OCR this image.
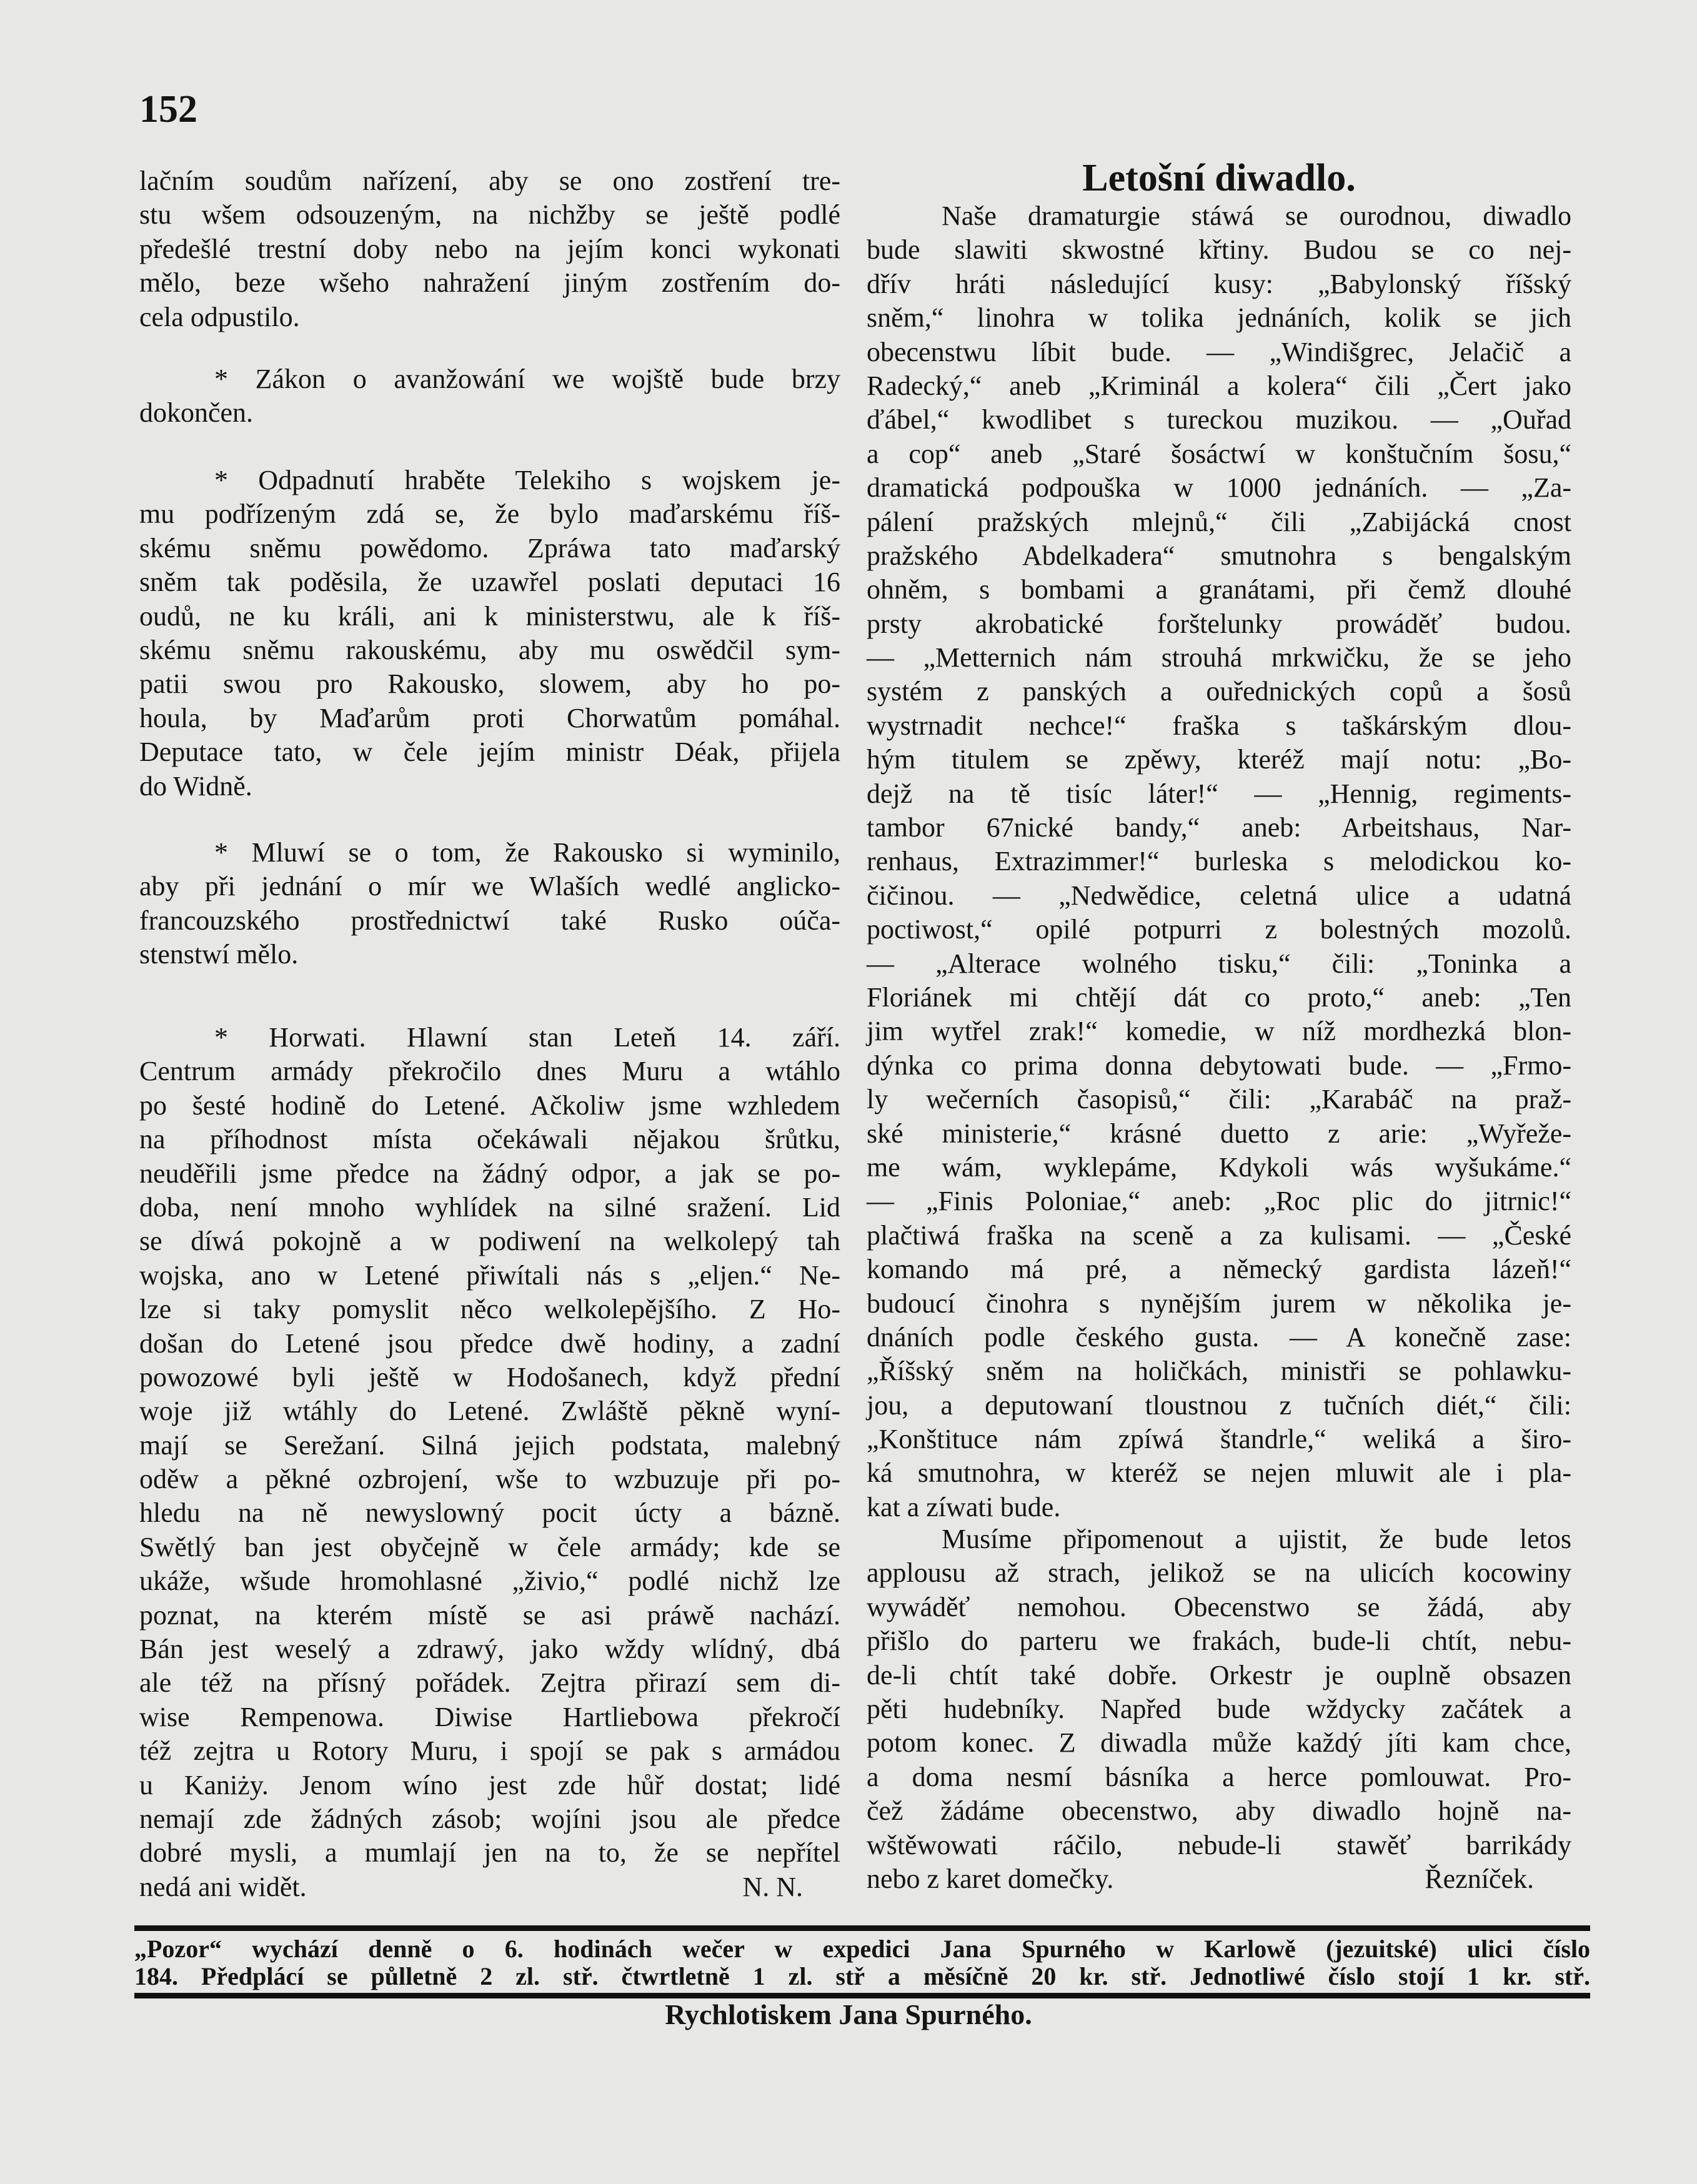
152
lačním soudům nařízení, aby se ono zostření tre-
stu wšem odsouzeným, na nichžby se ještě podlé
předešlé trestní doby nebo na jejím konci wykonati
mělo, beze wšeho nahražení jiným zostřením do-
cela odpustilo.
* Zákon o avanžowání we wojště bude brzy
dokončen.
* Odpadnutí hraběte Telekiho s wojskem je-
mu podřízeným zdá se, že bylo maďarskému říš-
skému sněmu powědomo. Zpráwa tato maďarský
sněm tak poděsila, že uzawřel poslati deputaci 16
oudů, ne ku králi, ani k ministerstwu, ale k říš-
skému sněmu rakouskému, aby mu oswědčil sym-
patii swou pro Rakousko, slowem, aby ho po-
houla, by Maďarům proti Chorwatům pomáhal.
Deputace tato, w čele jejím ministr Déak, přijela
do Widně.
* Mluwí se o tom, že Rakousko si wyminilo,
aby při jednání o mír we Wlaších wedlé anglicko-
francouzského prostřednictwí také Rusko oúča-
stenstwí mělo.
* Horwati. Hlawní stan Leteň 14. září.
Centrum armády překročilo dnes Muru a wtáhlo
po šesté hodině do Letené. Ačkoliw jsme wzhledem
na příhodnost místa očekáwali nějakou šrůtku,
neuděřili jsme předce na žádný odpor, a jak se po-
doba, není mnoho wyhlídek na silné sražení. Lid
se díwá pokojně a w podiwení na welkolepý tah
wojska, ano w Letené přiwítali nás s „eljen.“ Ne-
lze si taky pomyslit něco welkolepějšího. Z Ho-
došan do Letené jsou předce dwě hodiny, a zadní
powozowé byli ještě w Hodošanech, když přední
woje již wtáhly do Letené. Zwláště pěkně wyní-
mají se Serežaní. Silná jejich podstata, malebný
oděw a pěkné ozbrojení, wše to wzbuzuje při po-
hledu na ně newyslowný pocit úcty a bázně.
Swětlý ban jest obyčejně w čele armády; kde se
ukáže, wšude hromohlasné „živio,“ podlé nichž lze
poznat, na kterém místě se asi práwě nachází.
Bán jest weselý a zdrawý, jako wždy wlídný, dbá
ale též na přísný pořádek. Zejtra přirazí sem di-
wise Rempenowa. Diwise Hartliebowa překročí
též zejtra u Rotory Muru, i spojí se pak s armádou
u Kaniży. Jenom wíno jest zde hůř dostat; lidé
nemají zde žádných zásob; wojíni jsou ale předce
dobré mysli, a mumlají jen na to, že se nepřítel
nedá ani widět.	N. N.
Letošní diwadlo.
Naše dramaturgie stáwá se ourodnou, diwadlo
bude slawiti skwostné křtiny. Budou se co nej-
dřív hráti následující kusy: „Babylonský říšský
sněm,“ linohra w tolika jednáních, kolik se jich
obecenstwu líbit bude. — „Windišgrec, Jelačič a
Radecký,“ aneb „Kriminál a kolera“ čili „Čert jako
ďábel,“ kwodlibet s tureckou muzikou. — „Ouřad
a cop“ aneb „Staré šosáctwí w konštučním šosu,“
dramatická podpouška w 1000 jednáních. — „Za-
pálení pražských mlejnů,“ čili „Zabijácká cnost
pražského Abdelkadera“ smutnohra s bengalským
ohněm, s bombami a granátami, při čemž dlouhé
prsty akrobatické forštelunky prowáděť budou.
— „Metternich nám strouhá mrkwičku, že se jeho
systém z panských a ouřednických copů a šosů
wystrnadit nechce!“ fraška s taškárským dlou-
hým titulem se zpěwy, kteréž mají notu: „Bo-
dejž na tě tisíc láter!“ — „Hennig, regiments-
tambor 67nické bandy,“ aneb: Arbeitshaus, Nar-
renhaus, Extrazimmer!“ burleska s melodickou ko-
čičinou. — „Nedwědice, celetná ulice a udatná
poctiwost,“ opilé potpurri z bolestných mozolů.
— „Alterace wolného tisku,“ čili: „Toninka a
Floriánek mi chtějí dát co proto,“ aneb: „Ten
jim wytřel zrak!“ komedie, w níž mordhezká blon-
dýnka co prima donna debytowati bude. — „Frmo-
ly wečerních časopisů,“ čili: „Karabáč na praž-
ské ministerie,“ krásné duetto z arie: „Wyřeže-
me wám, wyklepáme, Kdykoli wás wyšukáme.“
— „Finis Poloniae,“ aneb: „Roc plic do jitrnic!“
plačtiwá fraška na sceně a za kulisami. — „České
komando má pré, a německý gardista lázeň!“
budoucí činohra s nynějším jurem w několika je-
dnáních podle českého gusta. — A konečně zase:
„Říšský sněm na holičkách, ministři se pohlawku-
jou, a deputowaní tloustnou z tučních diét,“ čili:
„Konštituce nám zpíwá štandrle,“ weliká a širo-
ká smutnohra, w kteréž se nejen mluwit ale i pla-
kat a zíwati bude.
Musíme připomenout a ujistit, že bude letos
applousu až strach, jelikož se na ulicích kocowiny
wywáděť nemohou. Obecenstwo se žádá, aby
přišlo do parteru we frakách, bude-li chtít, nebu-
de-li chtít také dobře. Orkestr je ouplně obsazen
pěti hudebníky. Napřed bude wždycky začátek a
potom konec. Z diwadla může každý jíti kam chce,
a doma nesmí básníka a herce pomlouwat. Pro-
čež žádáme obecenstwo, aby diwadlo hojně na-
wštěwowati ráčilo, nebude-li stawěť barrikády
nebo z karet domečky.	Řezníček.
„Pozor“ wychází denně o 6. hodinách wečer w expedici Jana Spurného w Karlowě (jezuitské) ulici číslo
184. Předplácí se půlletně 2 zl. stř. čtwrtletně 1 zl. stř a měsíčně 20 kr. stř. Jednotliwé číslo stojí 1 kr. stř.
Rychlotiskem Jana Spurného.
